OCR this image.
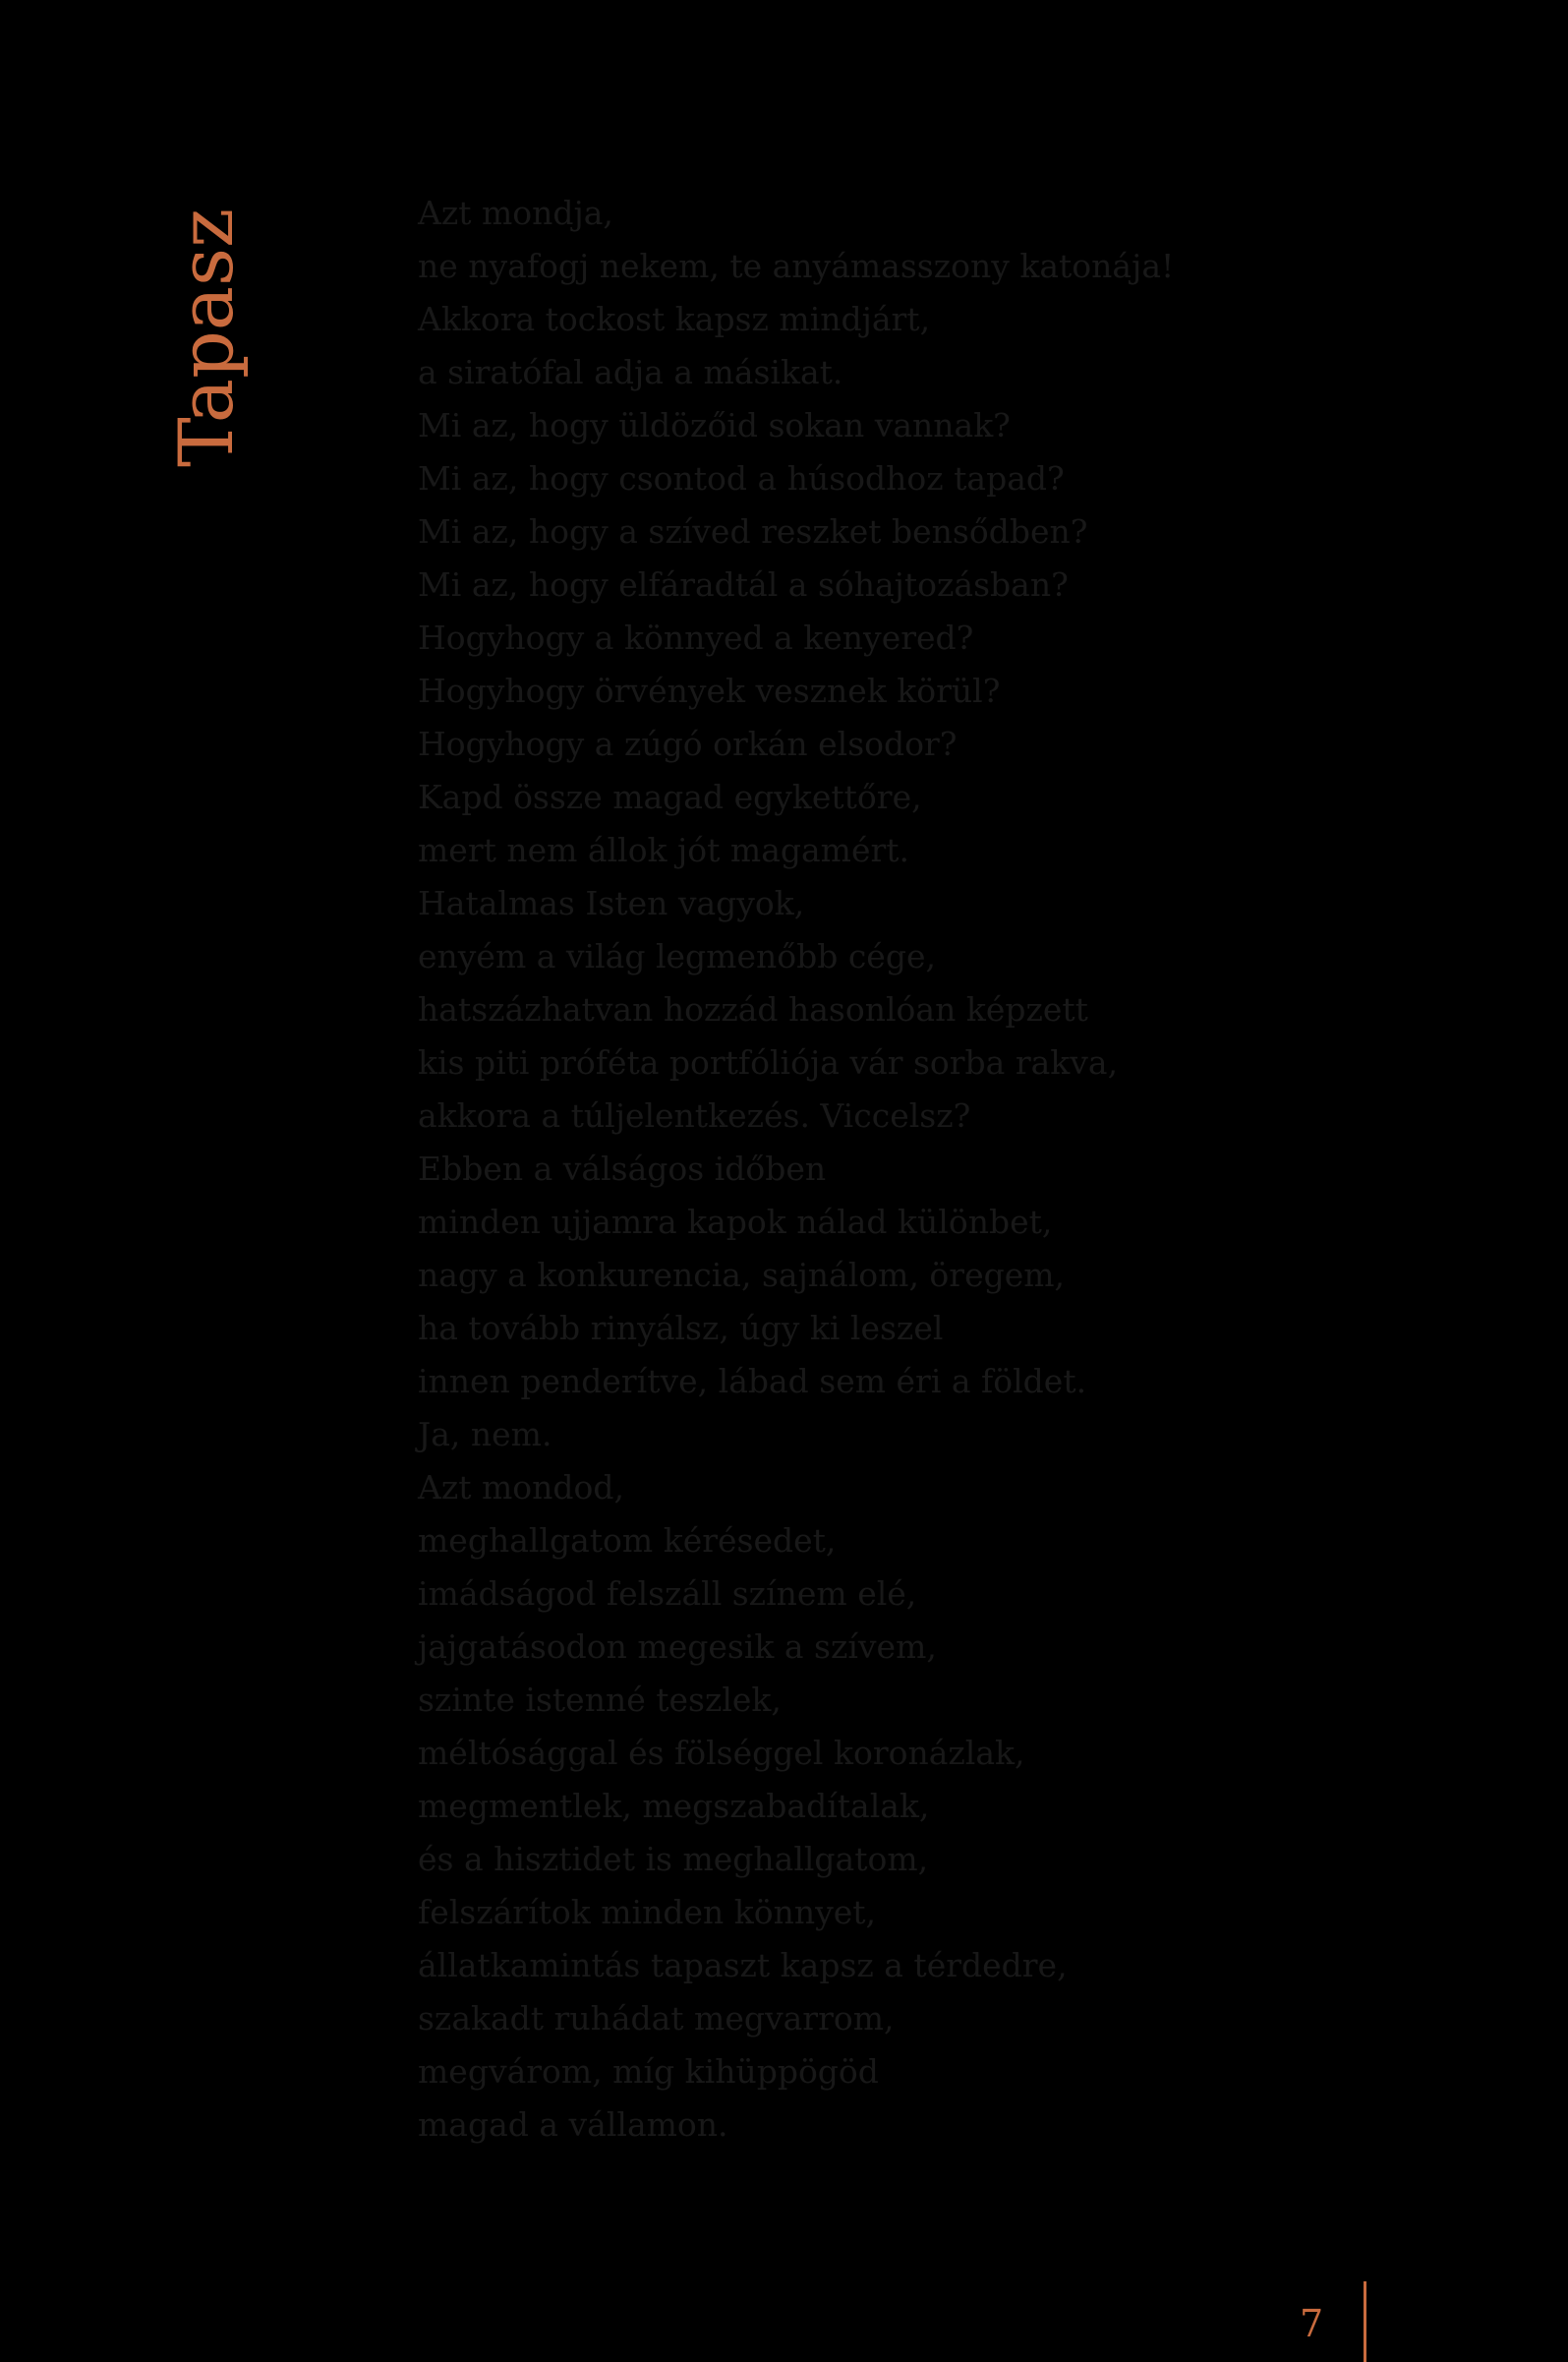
Tapasz	Azt mondja,
ne nyafogj nekem, te anyámasszony katonája!
Akkora tockost kapsz mindjárt,
a siratófal adja a másikat.
Mi az, hogy üldözőid sokan vannak?
Mi az, hogy csontod a húsodhoz tapad?
Mi az, hogy a szíved reszket bensődben?
Mi az, hogy elfáradtál a sóhajtozásban?
Hogyhogy a könnyed a kenyered?
Hogyhogy örvények vesznek körül?
Hogyhogy a zúgó orkán elsodor?
Kapd össze magad egykettőre,
mert nem állok jót magamért.
Hatalmas Isten vagyok,
enyém a világ legmenőbb cége,
hatszázhatvan hozzád hasonlóan képzett
kis piti próféta portfóliója vár sorba rakva,
akkora a túljelentkezés. Viccelsz?
Ebben a válságos időben
minden ujjamra kapok nálad különbet,
nagy a konkurencia, sajnálom, öregem,
ha tovább rinyálsz, úgy ki leszel
innen penderítve, lábad sem éri a földet.
Ja, nem.
Azt mondod,
meghallgatom kérésedet,
imádságod felszáll színem elé,
jajgatásodon megesik a szívem,
szinte istenné teszlek,
méltósággal és fölséggel koronázlak,
megmentlek, megszabadítalak,
és a hisztidet is meghallgatom,
felszárítok minden könnyet,
állatkamintás tapaszt kapsz a térdedre,
szakadt ruhádat megvarrom,
megvárom, míg kihüppögöd
magad a vállamon.
7
